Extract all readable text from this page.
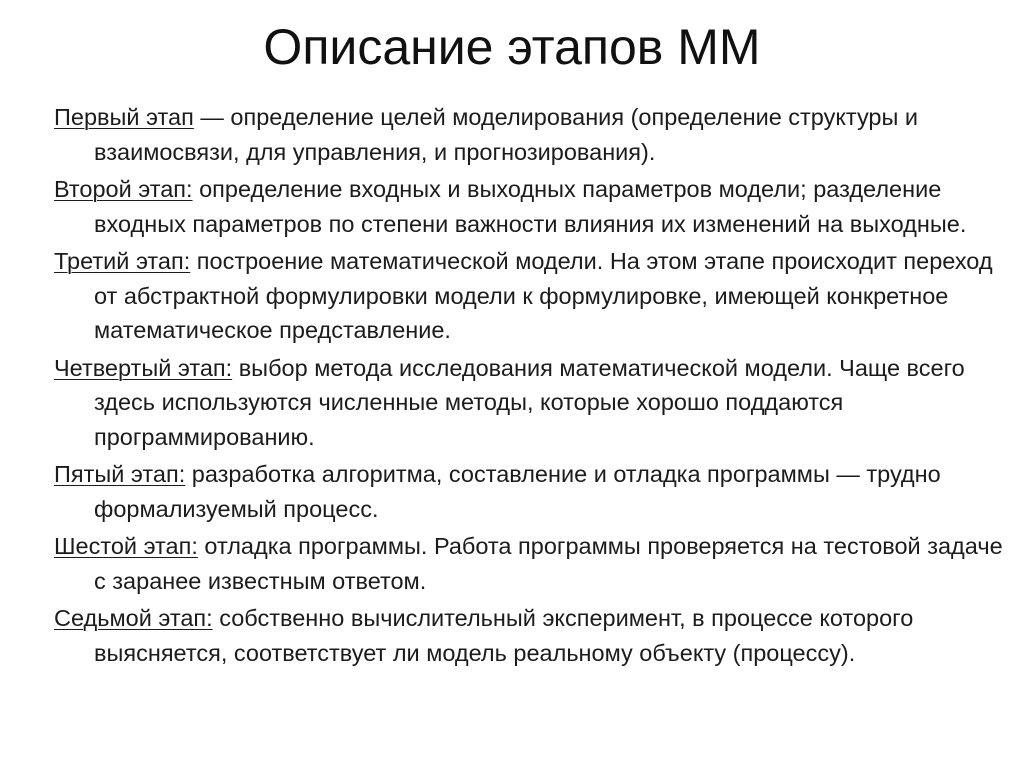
Описание этапов ММ
Первый этап — определение целей моделирования (определение структуры и взаимосвязи, для управления, и прогнозирования).
Второй этап: определение входных и выходных параметров модели; разделение входных параметров по степени важности влияния их изменений на выходные.
Третий этап: построение математической модели. На этом этапе происходит переход от абстрактной формулировки модели к формулировке, имеющей конкретное математическое представление.
Четвертый этап: выбор метода исследования математической модели. Чаще всего здесь используются численные методы, которые хорошо поддаются программированию.
Пятый этап: разработка алгоритма, составление и отладка программы — трудно формализуемый процесс.
Шестой этап: отладка программы. Работа программы проверяется на тестовой задаче с заранее известным ответом.
Седьмой этап: собственно вычислительный эксперимент, в процессе которого выясняется, соответствует ли модель реальному объекту (процессу).
